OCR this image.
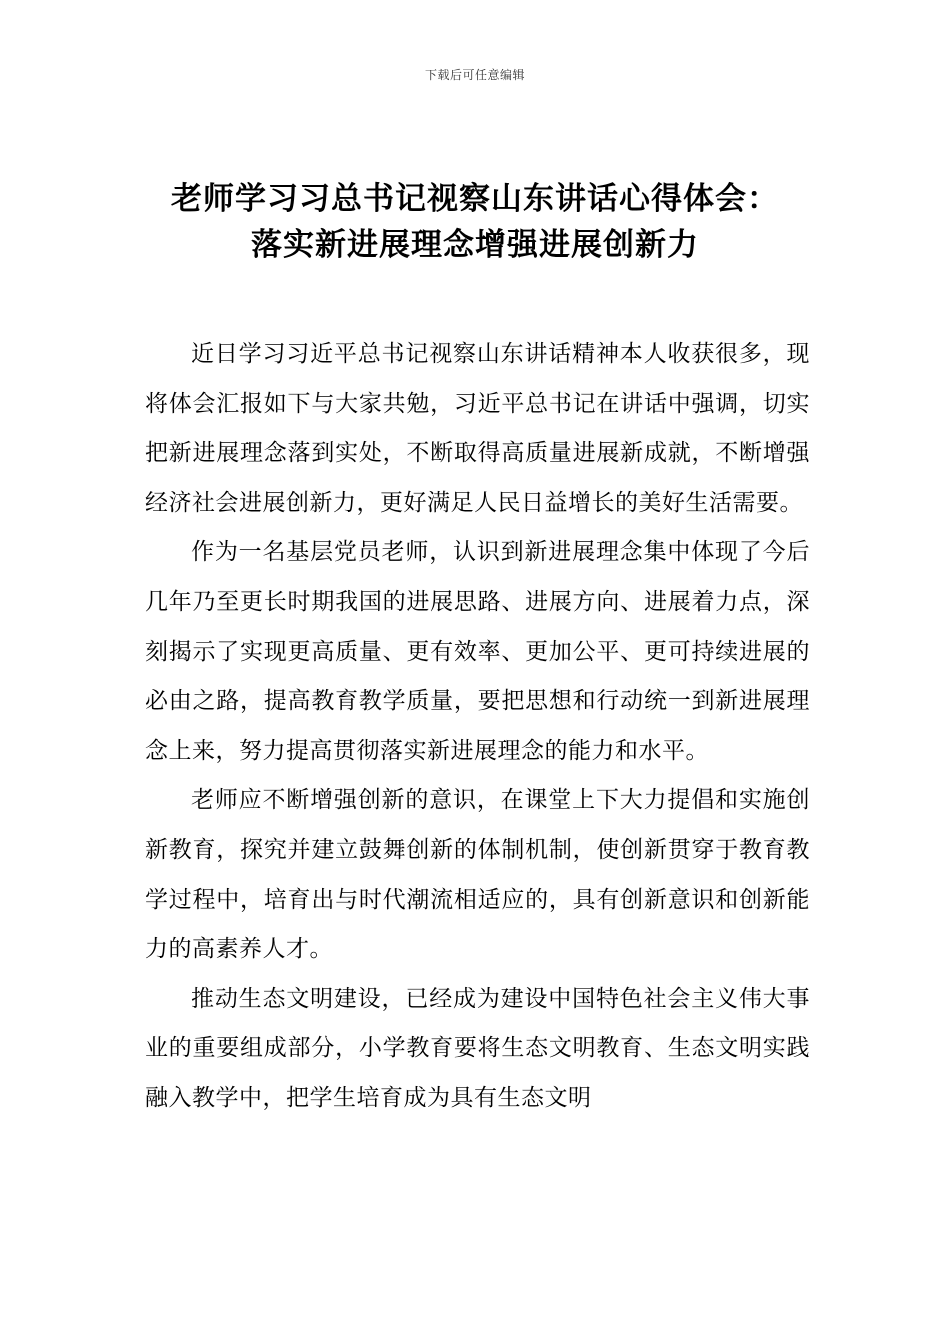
下载后可任意编辑
老师学习习总书记视察山东讲话心得体会：
落实新进展理念增强进展创新力

近日学习习近平总书记视察山东讲话精神本人收获很多，现将体会汇报如下与大家共勉，习近平总书记在讲话中强调，切实把新进展理念落到实处，不断取得高质量进展新成就，不断增强经济社会进展创新力，更好满足人民日益增长的美好生活需要。

作为一名基层党员老师，认识到新进展理念集中体现了今后几年乃至更长时期我国的进展思路、进展方向、进展着力点，深刻揭示了实现更高质量、更有效率、更加公平、更可持续进展的必由之路，提高教育教学质量，要把思想和行动统一到新进展理念上来，努力提高贯彻落实新进展理念的能力和水平。

老师应不断增强创新的意识，在课堂上下大力提倡和实施创新教育，探究并建立鼓舞创新的体制机制，使创新贯穿于教育教学过程中，培育出与时代潮流相适应的，具有创新意识和创新能力的高素养人才。

推动生态文明建设，已经成为建设中国特色社会主义伟大事业的重要组成部分，小学教育要将生态文明教育、生态文明实践融入教学中，把学生培育成为具有生态文明
